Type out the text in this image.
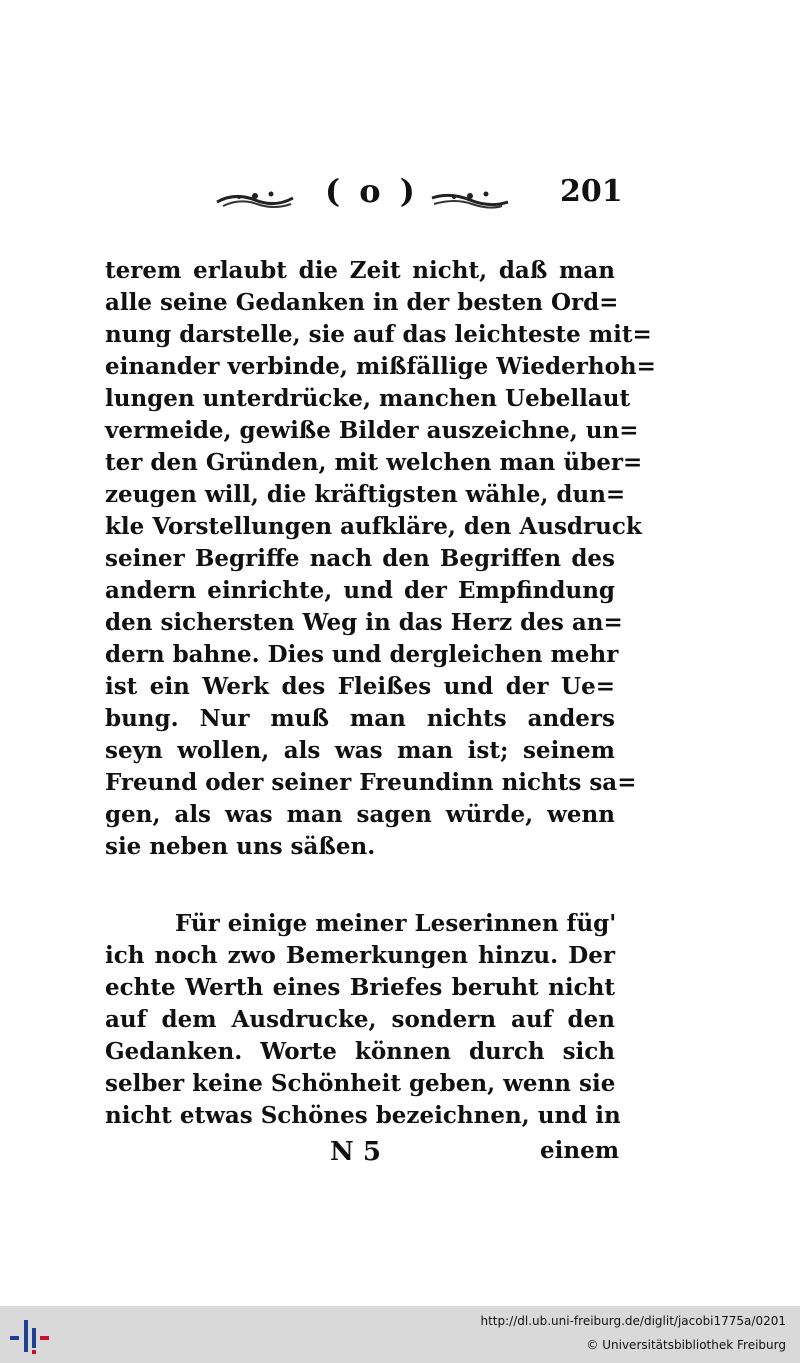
( o )	201
terem erlaubt die Zeit nicht, daß man
alle seine Gedanken in der besten Ord=
nung darstelle, sie auf das leichteste mit=
einander verbinde, mißfällige Wiederhoh=
lungen unterdrücke, manchen Uebellaut
vermeide, gewiße Bilder auszeichne, un=
ter den Gründen, mit welchen man über=
zeugen will, die kräftigsten wähle, dun=
kle Vorstellungen aufkläre, den Ausdruck
seiner Begriffe nach den Begriffen des
andern einrichte, und der Empfindung
den sichersten Weg in das Herz des an=
dern bahne. Dies und dergleichen mehr
ist ein Werk des Fleißes und der Ue=
bung. Nur muß man nichts anders
seyn wollen, als was man ist; seinem
Freund oder seiner Freundinn nichts sa=
gen, als was man sagen würde, wenn
sie neben uns säßen.
Für einige meiner Leserinnen füg'
ich noch zwo Bemerkungen hinzu. Der
echte Werth eines Briefes beruht nicht
auf dem Ausdrucke, sondern auf den
Gedanken. Worte können durch sich
selber keine Schönheit geben, wenn sie
nicht etwas Schönes bezeichnen, und in
N 5	einem
http://dl.ub.uni-freiburg.de/diglit/jacobi1775a/0201
© Universitätsbibliothek Freiburg
